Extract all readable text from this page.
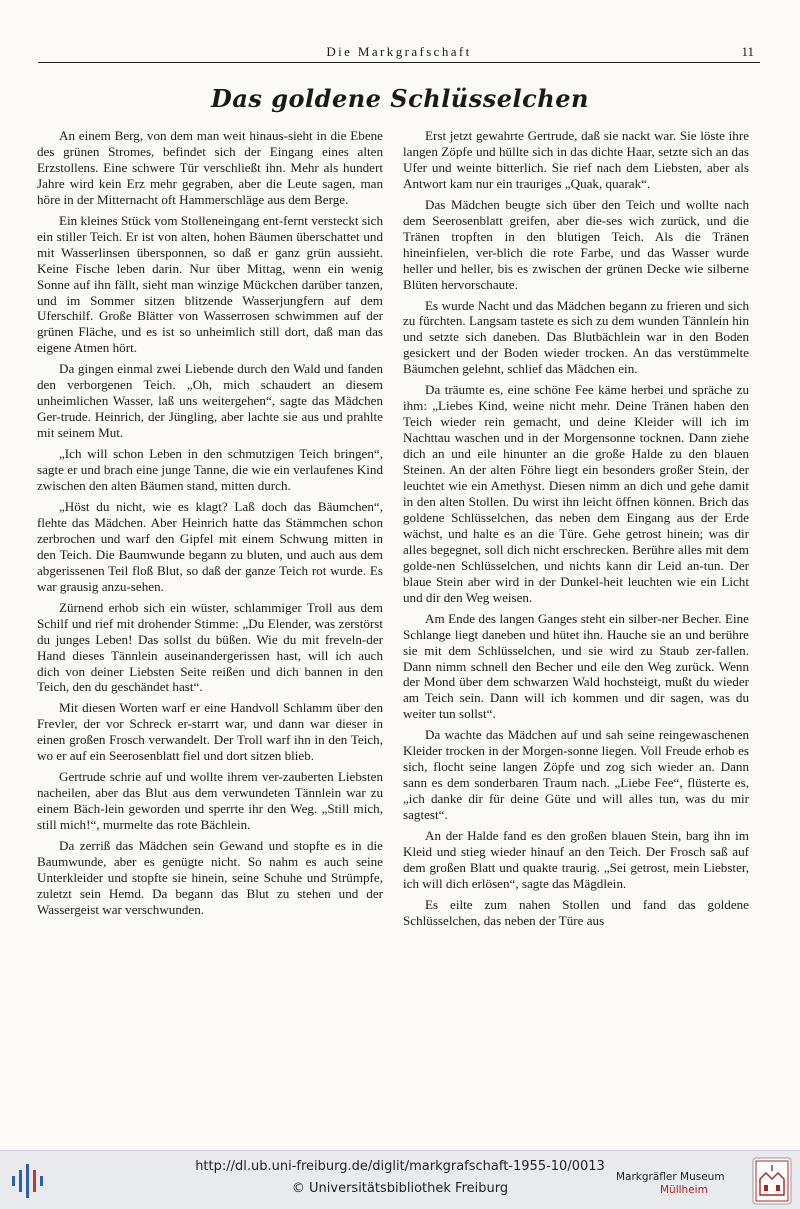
Die Markgrafschaft	11
Das goldene Schlüsselchen

An einem Berg, von dem man weit hinaus-sieht in die Ebene des grünen Stromes, befindet sich der Eingang eines alten Erzstollens. Eine schwere Tür verschließt ihn. Mehr als hundert Jahre wird kein Erz mehr gegraben, aber die Leute sagen, man höre in der Mitternacht oft Hammerschläge aus dem Berge.

Ein kleines Stück vom Stolleneingang ent-fernt versteckt sich ein stiller Teich. Er ist von alten, hohen Bäumen überschattet und mit Wasserlinsen übersponnen, so daß er ganz grün aussieht. Keine Fische leben darin. Nur über Mittag, wenn ein wenig Sonne auf ihn fällt, sieht man winzige Mückchen darüber tanzen, und im Sommer sitzen blitzende Wasserjungfern auf dem Uferschilf. Große Blätter von Wasserrosen schwimmen auf der grünen Fläche, und es ist so unheimlich still dort, daß man das eigene Atmen hört.

Da gingen einmal zwei Liebende durch den Wald und fanden den verborgenen Teich. „Oh, mich schaudert an diesem unheimlichen Wasser, laß uns weitergehen“, sagte das Mädchen Ger-trude. Heinrich, der Jüngling, aber lachte sie aus und prahlte mit seinem Mut.

„Ich will schon Leben in den schmutzigen Teich bringen“, sagte er und brach eine junge Tanne, die wie ein verlaufenes Kind zwischen den alten Bäumen stand, mitten durch.

„Höst du nicht, wie es klagt? Laß doch das Bäumchen“, flehte das Mädchen. Aber Heinrich hatte das Stämmchen schon zerbrochen und warf den Gipfel mit einem Schwung mitten in den Teich. Die Baumwunde begann zu bluten, und auch aus dem abgerissenen Teil floß Blut, so daß der ganze Teich rot wurde. Es war grausig anzu-sehen.

Zürnend erhob sich ein wüster, schlammiger Troll aus dem Schilf und rief mit drohender Stimme: „Du Elender, was zerstörst du junges Leben! Das sollst du büßen. Wie du mit freveln-der Hand dieses Tännlein auseinandergerissen hast, will ich auch dich von deiner Liebsten Seite reißen und dich bannen in den Teich, den du geschändet hast“.

Mit diesen Worten warf er eine Handvoll Schlamm über den Frevler, der vor Schreck er-starrt war, und dann war dieser in einen großen Frosch verwandelt. Der Troll warf ihn in den Teich, wo er auf ein Seerosenblatt fiel und dort sitzen blieb.

Gertrude schrie auf und wollte ihrem ver-zauberten Liebsten nacheilen, aber das Blut aus dem verwundeten Tännlein war zu einem Bäch-lein geworden und sperrte ihr den Weg. „Still mich, still mich!“, murmelte das rote Bächlein.

Da zerriß das Mädchen sein Gewand und stopfte es in die Baumwunde, aber es genügte nicht. So nahm es auch seine Unterkleider und stopfte sie hinein, seine Schuhe und Strümpfe, zuletzt sein Hemd. Da begann das Blut zu stehen und der Wassergeist war verschwunden.

Erst jetzt gewahrte Gertrude, daß sie nackt war. Sie löste ihre langen Zöpfe und hüllte sich in das dichte Haar, setzte sich an das Ufer und weinte bitterlich. Sie rief nach dem Liebsten, aber als Antwort kam nur ein trauriges „Quak, quarak“.

Das Mädchen beugte sich über den Teich und wollte nach dem Seerosenblatt greifen, aber die-ses wich zurück, und die Tränen tropften in den blutigen Teich. Als die Tränen hineinfielen, ver-blich die rote Farbe, und das Wasser wurde heller und heller, bis es zwischen der grünen Decke wie silberne Blüten hervorschaute.

Es wurde Nacht und das Mädchen begann zu frieren und sich zu fürchten. Langsam tastete es sich zu dem wunden Tännlein hin und setzte sich daneben. Das Blutbächlein war in den Boden gesickert und der Boden wieder trocken. An das verstümmelte Bäumchen gelehnt, schlief das Mädchen ein.

Da träumte es, eine schöne Fee käme herbei und spräche zu ihm: „Liebes Kind, weine nicht mehr. Deine Tränen haben den Teich wieder rein gemacht, und deine Kleider will ich im Nachttau waschen und in der Morgensonne tocknen. Dann ziehe dich an und eile hinunter an die große Halde zu den blauen Steinen. An der alten Föhre liegt ein besonders großer Stein, der leuchtet wie ein Amethyst. Diesen nimm an dich und gehe damit in den alten Stollen. Du wirst ihn leicht öffnen können. Brich das goldene Schlüsselchen, das neben dem Eingang aus der Erde wächst, und halte es an die Türe. Gehe getrost hinein; was dir alles begegnet, soll dich nicht erschrecken. Berühre alles mit dem golde-nen Schlüsselchen, und nichts kann dir Leid an-tun. Der blaue Stein aber wird in der Dunkel-heit leuchten wie ein Licht und dir den Weg weisen.

Am Ende des langen Ganges steht ein silber-ner Becher. Eine Schlange liegt daneben und hütet ihn. Hauche sie an und berühre sie mit dem Schlüsselchen, und sie wird zu Staub zer-fallen. Dann nimm schnell den Becher und eile den Weg zurück. Wenn der Mond über dem schwarzen Wald hochsteigt, mußt du wieder am Teich sein. Dann will ich kommen und dir sagen, was du weiter tun sollst“.

Da wachte das Mädchen auf und sah seine reingewaschenen Kleider trocken in der Morgen-sonne liegen. Voll Freude erhob es sich, flocht seine langen Zöpfe und zog sich wieder an. Dann sann es dem sonderbaren Traum nach. „Liebe Fee“, flüsterte es, „ich danke dir für deine Güte und will alles tun, was du mir sagtest“.

An der Halde fand es den großen blauen Stein, barg ihn im Kleid und stieg wieder hinauf an den Teich. Der Frosch saß auf dem großen Blatt und quakte traurig. „Sei getrost, mein Liebster, ich will dich erlösen“, sagte das Mägdlein.

Es eilte zum nahen Stollen und fand das goldene Schlüsselchen, das neben der Türe aus

http://dl.ub.uni-freiburg.de/diglit/markgrafschaft-1955-10/0013
© Universitätsbibliothek Freiburg
Markgräfler Museum
Müllheim
